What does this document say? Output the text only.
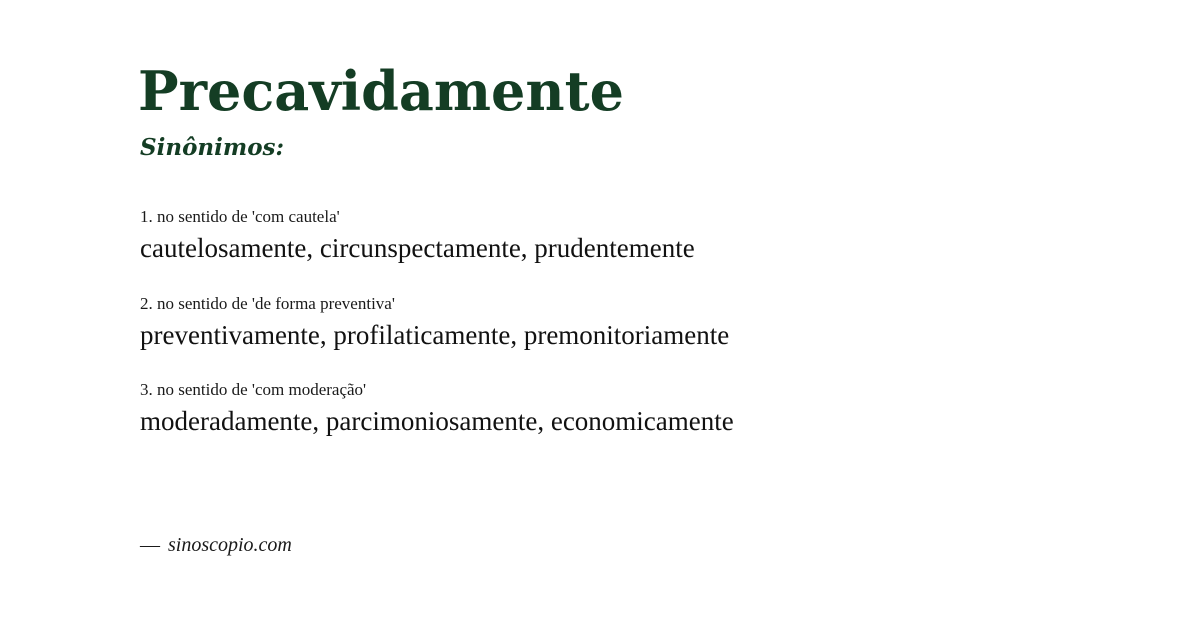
Precavidamente
Sinônimos:
1. no sentido de 'com cautela'
cautelosamente, circunspectamente, prudentemente
2. no sentido de 'de forma preventiva'
preventivamente, profilaticamente, premonitoriamente
3. no sentido de 'com moderação'
moderadamente, parcimoniosamente, economicamente
— sinoscopio.com
